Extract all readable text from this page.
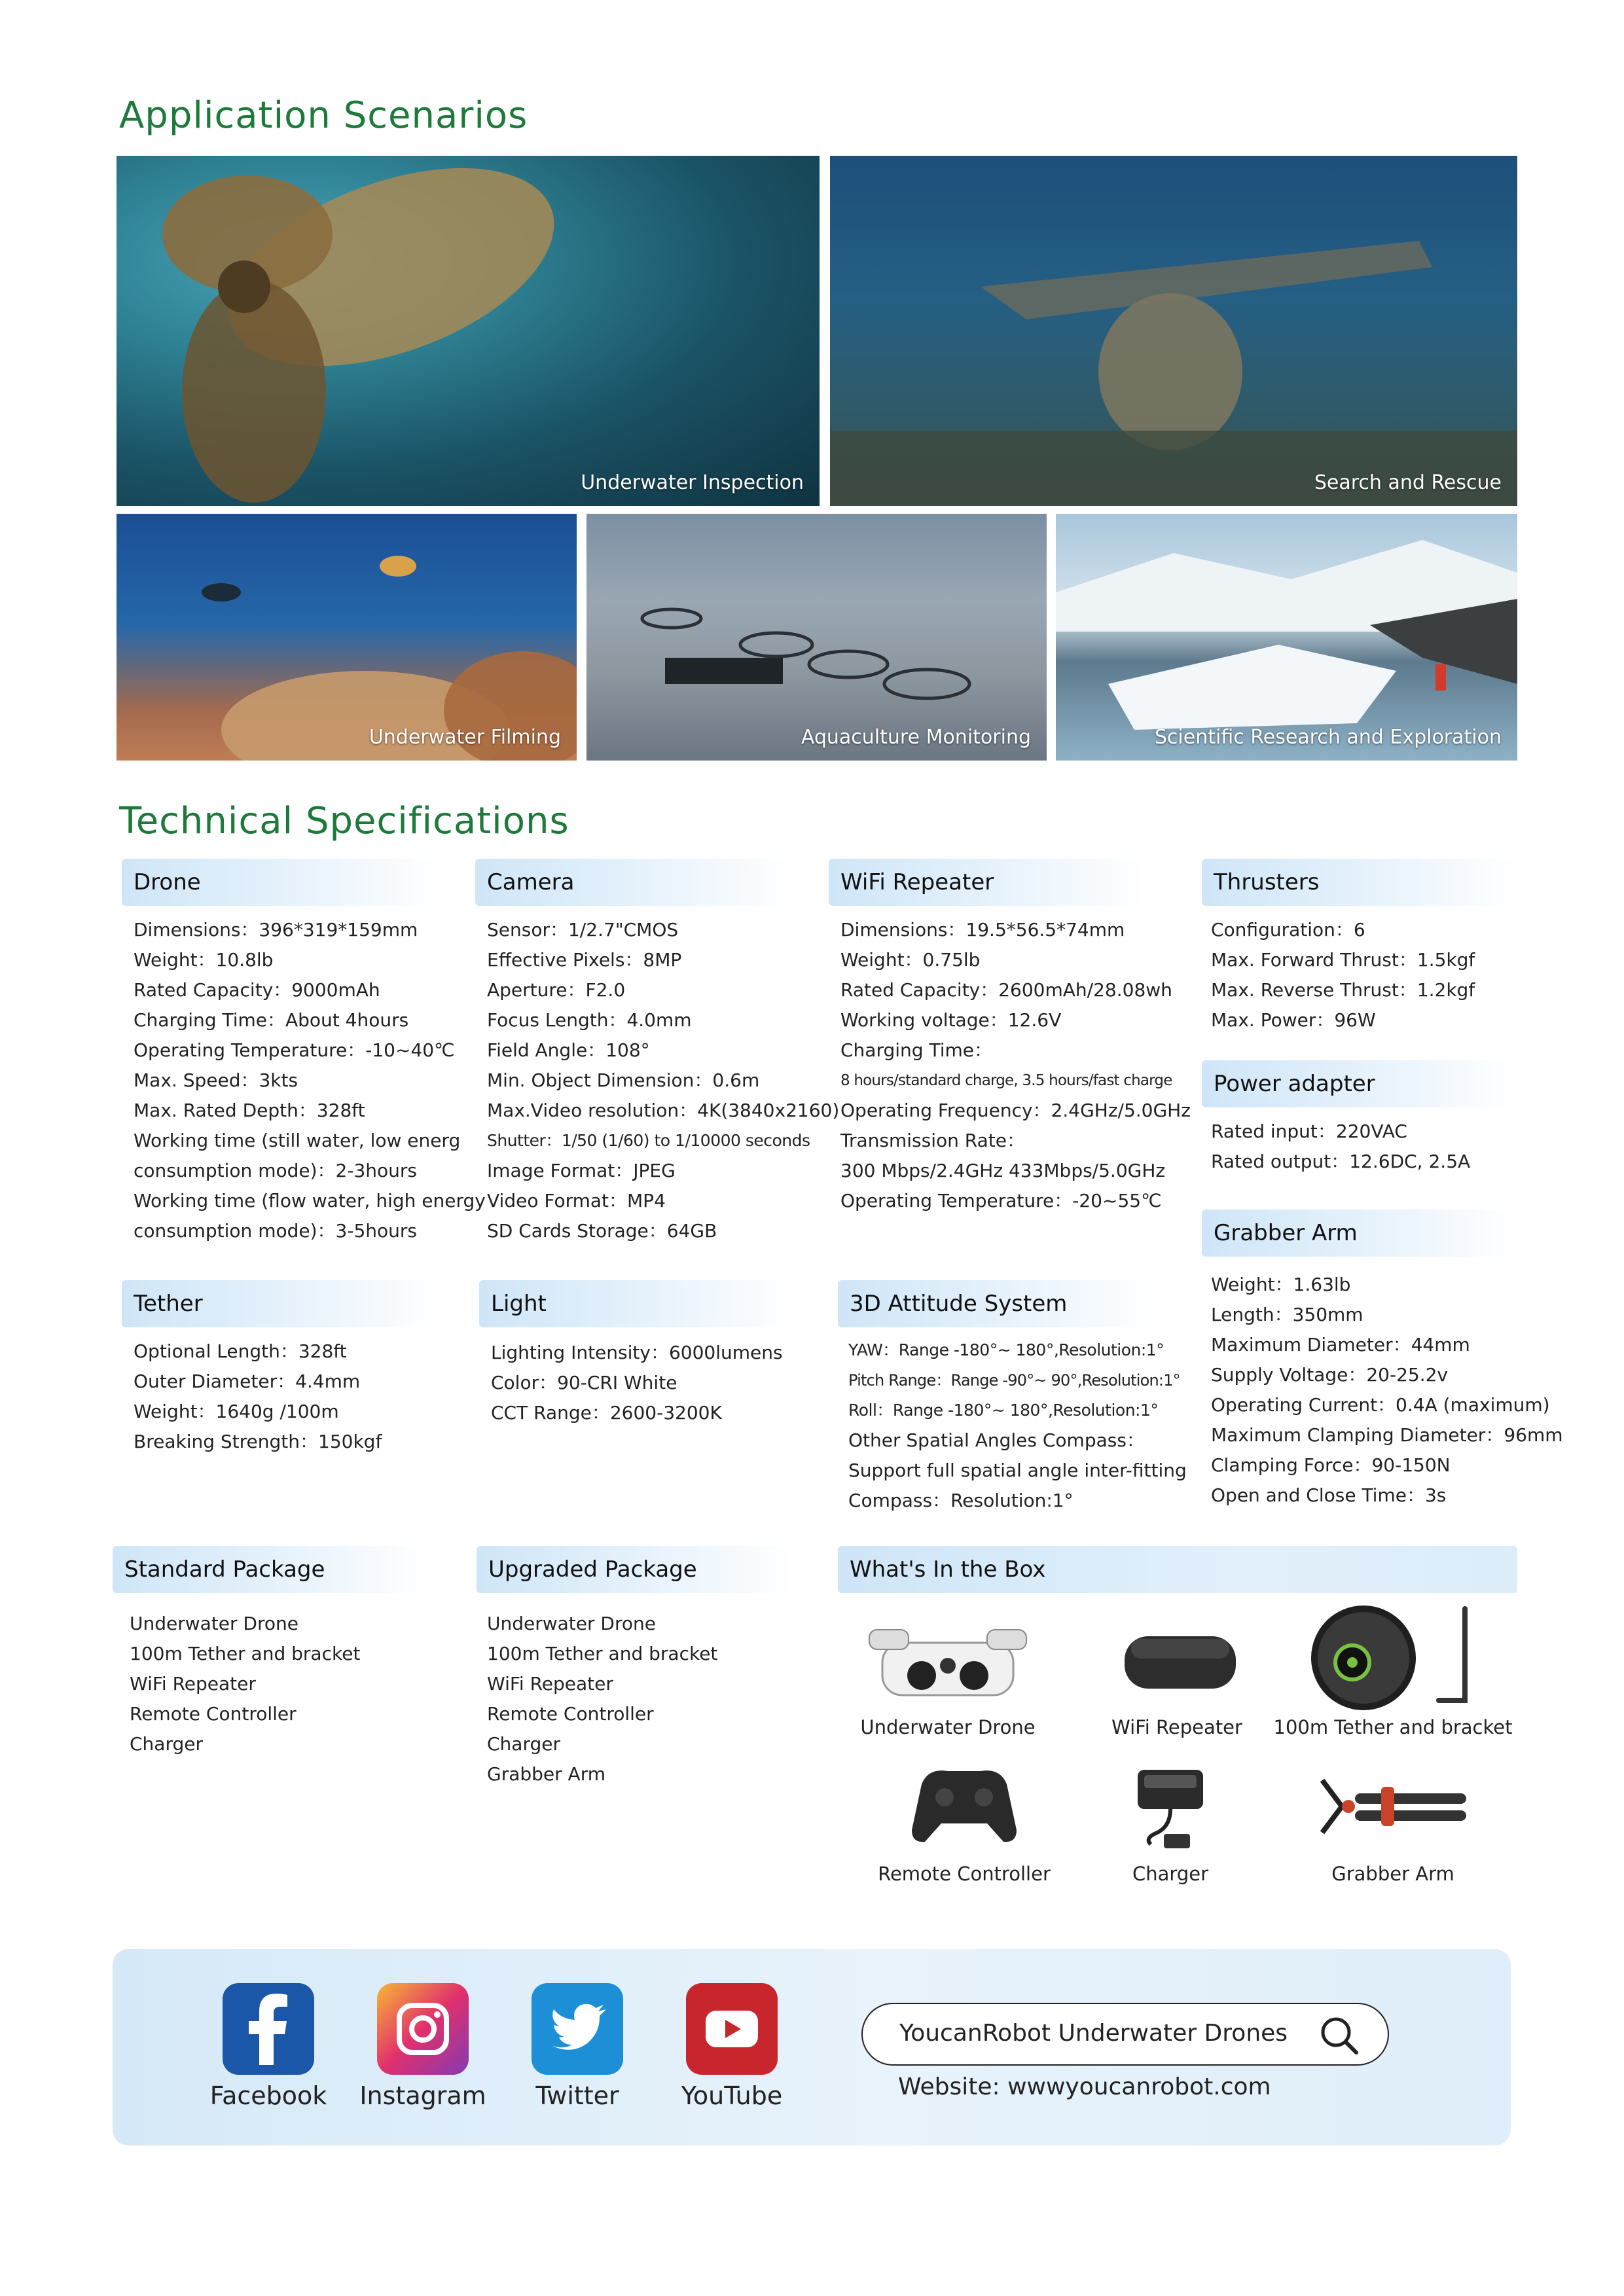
Application Scenarios
Underwater Inspection	Search and Rescue
Underwater Filming	Aquaculture Monitoring	Scientific Research and Exploration
Technical Specifications
Drone
Dimensions：396*319*159mm
Weight：10.8lb
Rated Capacity：9000mAh
Charging Time：About 4hours
Operating Temperature：-10~40℃
Max. Speed：3kts
Max. Rated Depth：328ft
Working time (still water, low energ
consumption mode)：2-3hours
Working time (flow water, high energy
consumption mode)：3-5hours
Camera
Sensor：1/2.7"CMOS
Effective Pixels：8MP
Aperture：F2.0
Focus Length：4.0mm
Field Angle：108°
Min. Object Dimension：0.6m
Max.Video resolution：4K(3840x2160)
Shutter：1/50 (1/60) to 1/10000 seconds
Image Format：JPEG
Video Format：MP4
SD Cards Storage：64GB
WiFi Repeater
Dimensions：19.5*56.5*74mm
Weight：0.75lb
Rated Capacity：2600mAh/28.08wh
Working voltage：12.6V
Charging Time：
8 hours/standard charge, 3.5 hours/fast charge
Operating Frequency：2.4GHz/5.0GHz
Transmission Rate：
300 Mbps/2.4GHz 433Mbps/5.0GHz
Operating Temperature：-20~55℃
Thrusters
Configuration：6
Max. Forward Thrust：1.5kgf
Max. Reverse Thrust：1.2kgf
Max. Power：96W
Power adapter
Rated input：220VAC
Rated output：12.6DC, 2.5A
Grabber Arm
Weight：1.63lb
Length：350mm
Maximum Diameter：44mm
Supply Voltage：20-25.2v
Operating Current：0.4A (maximum)
Maximum Clamping Diameter：96mm
Clamping Force：90-150N
Open and Close Time：3s
Tether
Optional Length：328ft
Outer Diameter：4.4mm
Weight：1640g /100m
Breaking Strength：150kgf
Light
Lighting Intensity：6000lumens
Color：90-CRI White
CCT Range：2600-3200K
3D Attitude System
YAW：Range -180°~ 180°,Resolution:1°
Pitch Range：Range -90°~ 90°,Resolution:1°
Roll：Range -180°~ 180°,Resolution:1°
Other Spatial Angles Compass：
Support full spatial angle inter-fitting
Compass：Resolution:1°
Standard Package
Underwater Drone
100m Tether and bracket
WiFi Repeater
Remote Controller
Charger
Upgraded Package
Underwater Drone
100m Tether and bracket
WiFi Repeater
Remote Controller
Charger
Grabber Arm
What's In the Box
Underwater Drone	WiFi Repeater	100m Tether and bracket
Remote Controller	Charger	Grabber Arm
Facebook	Instagram	Twitter	YouTube
YoucanRobot Underwater Drones
Website: wwwyoucanrobot.com
